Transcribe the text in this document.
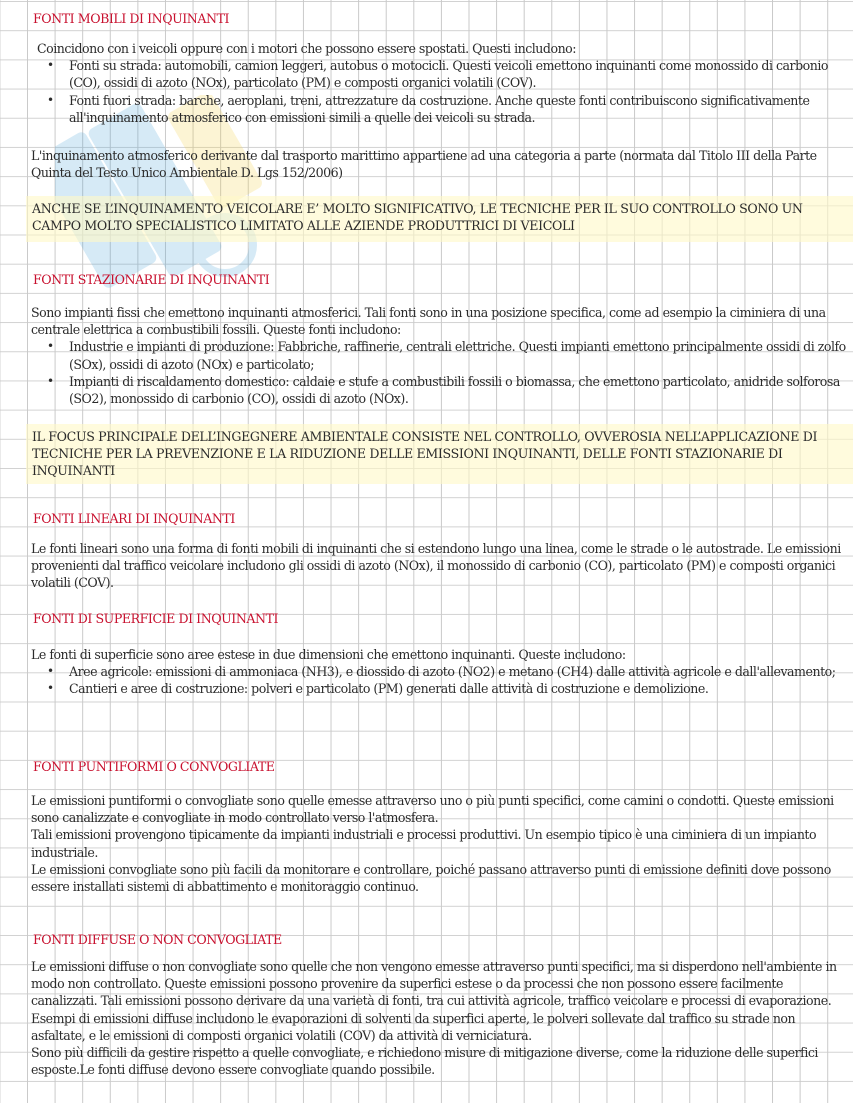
FONTI MOBILI DI INQUINANTI

Coincidono con i veicoli oppure con i motori che possono essere spostati. Questi includono:

• Fonti su strada: automobili, camion leggeri, autobus o motocicli. Questi veicoli emettono inquinanti come monossido di carbonio (CO), ossidi di azoto (NOx), particolato (PM) e composti organici volatili (COV).
• Fonti fuori strada: barche, aeroplani, treni, attrezzature da costruzione. Anche queste fonti contribuiscono significativamente all'inquinamento atmosferico con emissioni simili a quelle dei veicoli su strada.
L'inquinamento atmosferico derivante dal trasporto marittimo appartiene ad una categoria a parte (normata dal Titolo III della Parte Quinta del Testo Unico Ambientale D. Lgs 152/2006)
ANCHE SE L’INQUINAMENTO VEICOLARE E’ MOLTO SIGNIFICATIVO, LE TECNICHE PER IL SUO CONTROLLO SONO UN CAMPO MOLTO SPECIALISTICO LIMITATO ALLE AZIENDE PRODUTTRICI DI VEICOLI
FONTI STAZIONARIE DI INQUINANTI

Sono impianti fissi che emettono inquinanti atmosferici. Tali fonti sono in una posizione specifica, come ad esempio la ciminiera di una centrale elettrica a combustibili fossili. Queste fonti includono:

• Industrie e impianti di produzione: Fabbriche, raffinerie, centrali elettriche. Questi impianti emettono principalmente ossidi di zolfo (SOx), ossidi di azoto (NOx) e particolato;
• Impianti di riscaldamento domestico: caldaie e stufe a combustibili fossili o biomassa, che emettono particolato, anidride solforosa (SO2), monossido di carbonio (CO), ossidi di azoto (NOx).
IL FOCUS PRINCIPALE DELL’INGEGNERE AMBIENTALE CONSISTE NEL CONTROLLO, OVVEROSIA NELL’APPLICAZIONE DI TECNICHE PER LA PREVENZIONE E LA RIDUZIONE DELLE EMISSIONI INQUINANTI, DELLE FONTI STAZIONARIE DI INQUINANTI
FONTI LINEARI DI INQUINANTI
Le fonti lineari sono una forma di fonti mobili di inquinanti che si estendono lungo una linea, come le strade o le autostrade. Le emissioni provenienti dal traffico veicolare includono gli ossidi di azoto (NOx), il monossido di carbonio (CO), particolato (PM) e composti organici volatili (COV).
FONTI DI SUPERFICIE DI INQUINANTI

Le fonti di superficie sono aree estese in due dimensioni che emettono inquinanti. Queste includono:

• Aree agricole: emissioni di ammoniaca (NH3), e diossido di azoto (NO2) e metano (CH4) dalle attività agricole e dall'allevamento;
• Cantieri e aree di costruzione: polveri e particolato (PM) generati dalle attività di costruzione e demolizione.
FONTI PUNTIFORMI O CONVOGLIATE

Le emissioni puntiformi o convogliate sono quelle emesse attraverso uno o più punti specifici, come camini o condotti. Queste emissioni sono canalizzate e convogliate in modo controllato verso l'atmosfera.

Tali emissioni provengono tipicamente da impianti industriali e processi produttivi. Un esempio tipico è una ciminiera di un impianto industriale.

Le emissioni convogliate sono più facili da monitorare e controllare, poiché passano attraverso punti di emissione definiti dove possono essere installati sistemi di abbattimento e monitoraggio continuo.

FONTI DIFFUSE O NON CONVOGLIATE

Le emissioni diffuse o non convogliate sono quelle che non vengono emesse attraverso punti specifici, ma si disperdono nell'ambiente in modo non controllato. Queste emissioni possono provenire da superfici estese o da processi che non possono essere facilmente canalizzati. Tali emissioni possono derivare da una varietà di fonti, tra cui attività agricole, traffico veicolare e processi di evaporazione. Esempi di emissioni diffuse includono le evaporazioni di solventi da superfici aperte, le polveri sollevate dal traffico su strade non asfaltate, e le emissioni di composti organici volatili (COV) da attività di verniciatura.

Sono più difficili da gestire rispetto a quelle convogliate, e richiedono misure di mitigazione diverse, come la riduzione delle superfici esposte.Le fonti diffuse devono essere convogliate quando possibile.
